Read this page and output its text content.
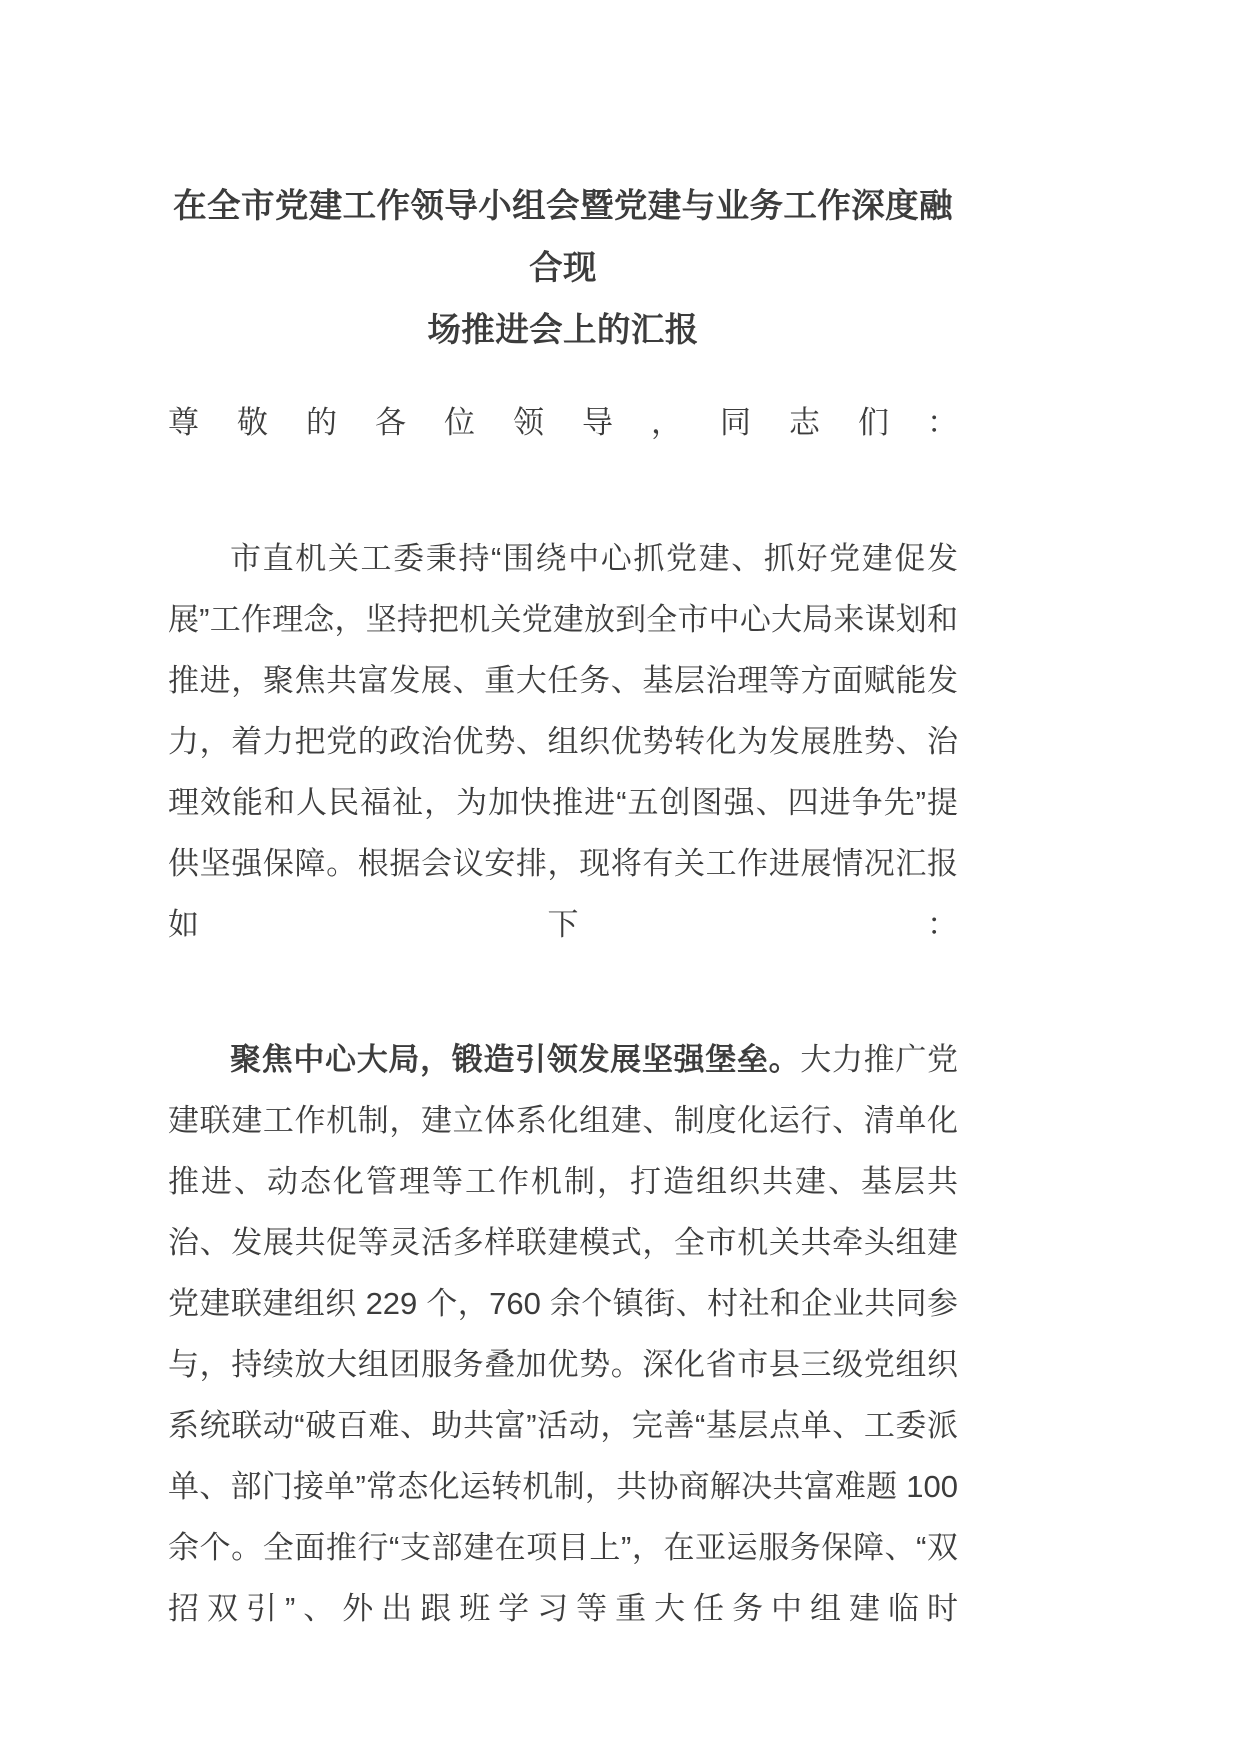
在全市党建工作领导小组会暨党建与业务工作深度融合现
场推进会上的汇报

尊敬的各位领导，同志们：

市直机关工委秉持“围绕中心抓党建、抓好党建促发展”工作理念，坚持把机关党建放到全市中心大局来谋划和推进，聚焦共富发展、重大任务、基层治理等方面赋能发力，着力把党的政治优势、组织优势转化为发展胜势、治理效能和人民福祉，为加快推进“五创图强、四进争先”提供坚强保障。根据会议安排，现将有关工作进展情况汇报如下：

聚焦中心大局，锻造引领发展坚强堡垒。大力推广党建联建工作机制，建立体系化组建、制度化运行、清单化推进、动态化管理等工作机制，打造组织共建、基层共治、发展共促等灵活多样联建模式，全市机关共牵头组建党建联建组织 229 个，760 余个镇街、村社和企业共同参与，持续放大组团服务叠加优势。深化省市县三级党组织系统联动“破百难、助共富”活动，完善“基层点单、工委派单、部门接单”常态化运转机制，共协商解决共富难题 100 余个。全面推行“支部建在项目上”，在亚运服务保障、“双招双引”、外出跟班学习等重大任务中组建临时
